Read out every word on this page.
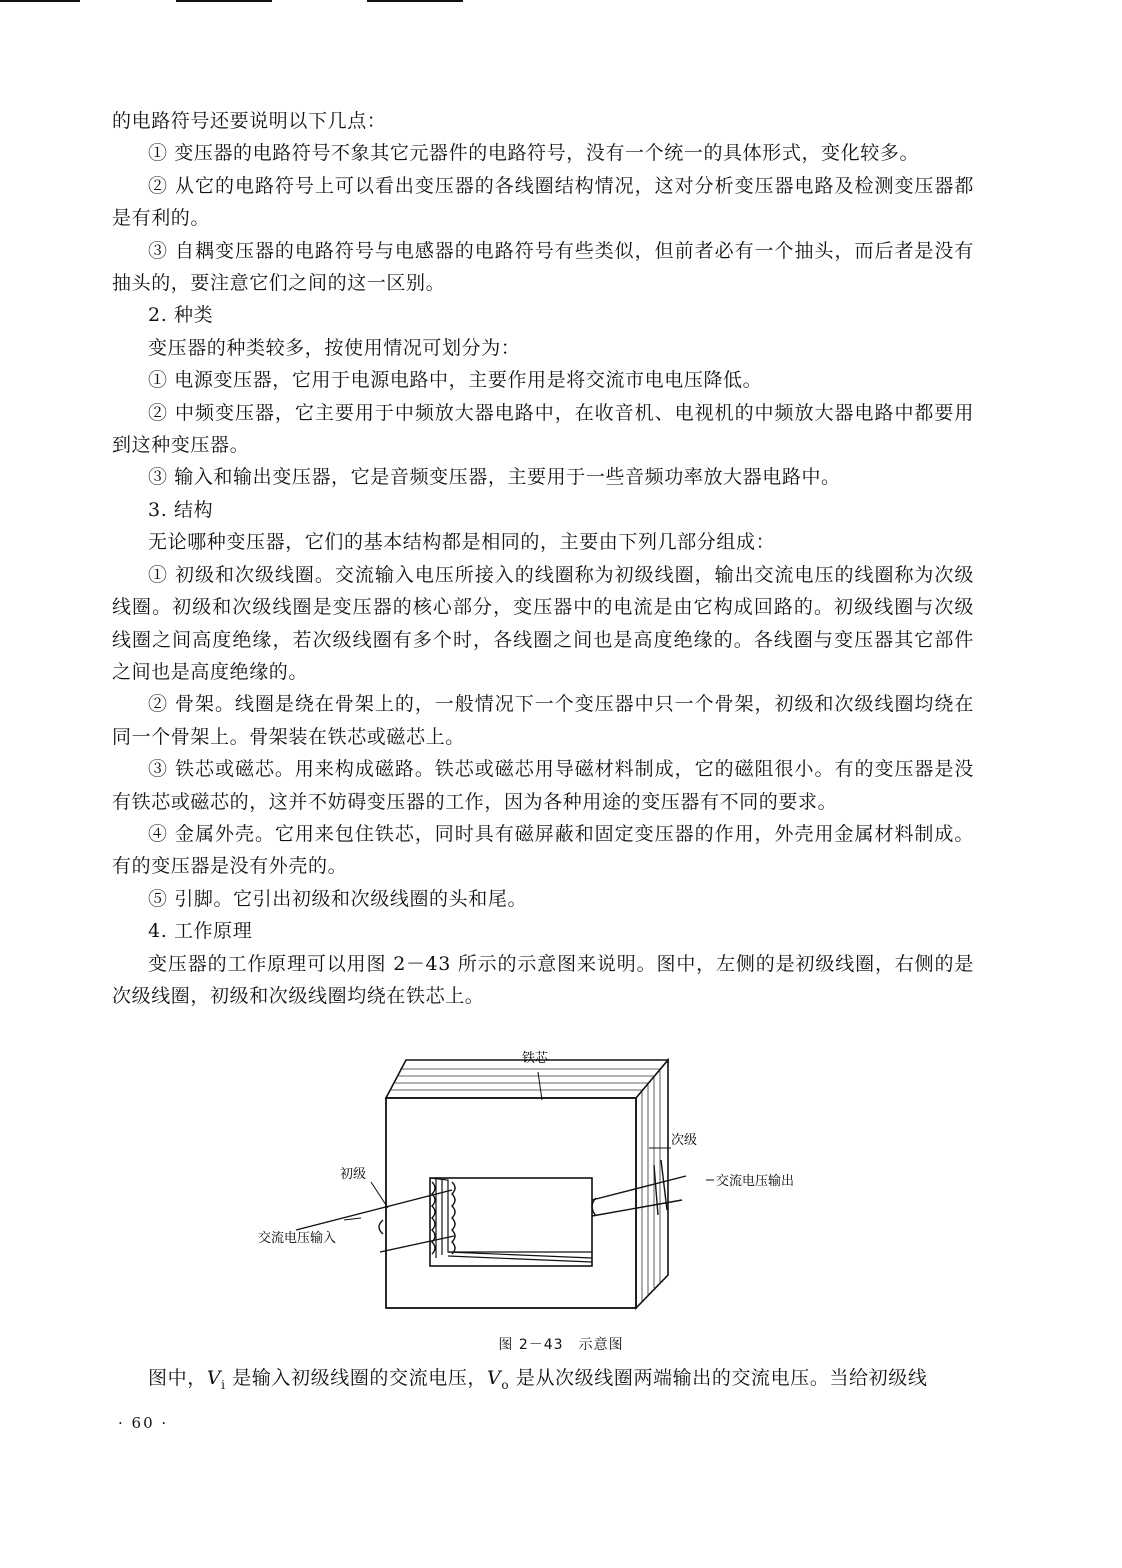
的电路符号还要说明以下几点：

① 变压器的电路符号不象其它元器件的电路符号，没有一个统一的具体形式，变化较多。

② 从它的电路符号上可以看出变压器的各线圈结构情况，这对分析变压器电路及检测变压器都是有利的。

③ 自耦变压器的电路符号与电感器的电路符号有些类似，但前者必有一个抽头，而后者是没有抽头的，要注意它们之间的这一区别。

2. 种类

变压器的种类较多，按使用情况可划分为：

① 电源变压器，它用于电源电路中，主要作用是将交流市电电压降低。

② 中频变压器，它主要用于中频放大器电路中，在收音机、电视机的中频放大器电路中都要用到这种变压器。

③ 输入和输出变压器，它是音频变压器，主要用于一些音频功率放大器电路中。

3. 结构

无论哪种变压器，它们的基本结构都是相同的，主要由下列几部分组成：

① 初级和次级线圈。交流输入电压所接入的线圈称为初级线圈，输出交流电压的线圈称为次级线圈。初级和次级线圈是变压器的核心部分，变压器中的电流是由它构成回路的。初级线圈与次级线圈之间高度绝缘，若次级线圈有多个时，各线圈之间也是高度绝缘的。各线圈与变压器其它部件之间也是高度绝缘的。

② 骨架。线圈是绕在骨架上的，一般情况下一个变压器中只一个骨架，初级和次级线圈均绕在同一个骨架上。骨架装在铁芯或磁芯上。

③ 铁芯或磁芯。用来构成磁路。铁芯或磁芯用导磁材料制成，它的磁阻很小。有的变压器是没有铁芯或磁芯的，这并不妨碍变压器的工作，因为各种用途的变压器有不同的要求。

④ 金属外壳。它用来包住铁芯，同时具有磁屏蔽和固定变压器的作用，外壳用金属材料制成。有的变压器是没有外壳的。

⑤ 引脚。它引出初级和次级线圈的头和尾。

4. 工作原理

变压器的工作原理可以用图 2－43 所示的示意图来说明。图中，左侧的是初级线圈，右侧的是次级线圈，初级和次级线圈均绕在铁芯上。

铁芯
次级
初级	交流电压输出
交流电压输入
图 2－43　示意图

图中，$V_i$ 是输入初级线圈的交流电压，$V_o$ 是从次级线圈两端输出的交流电压。当给初级线

· 60 ·
